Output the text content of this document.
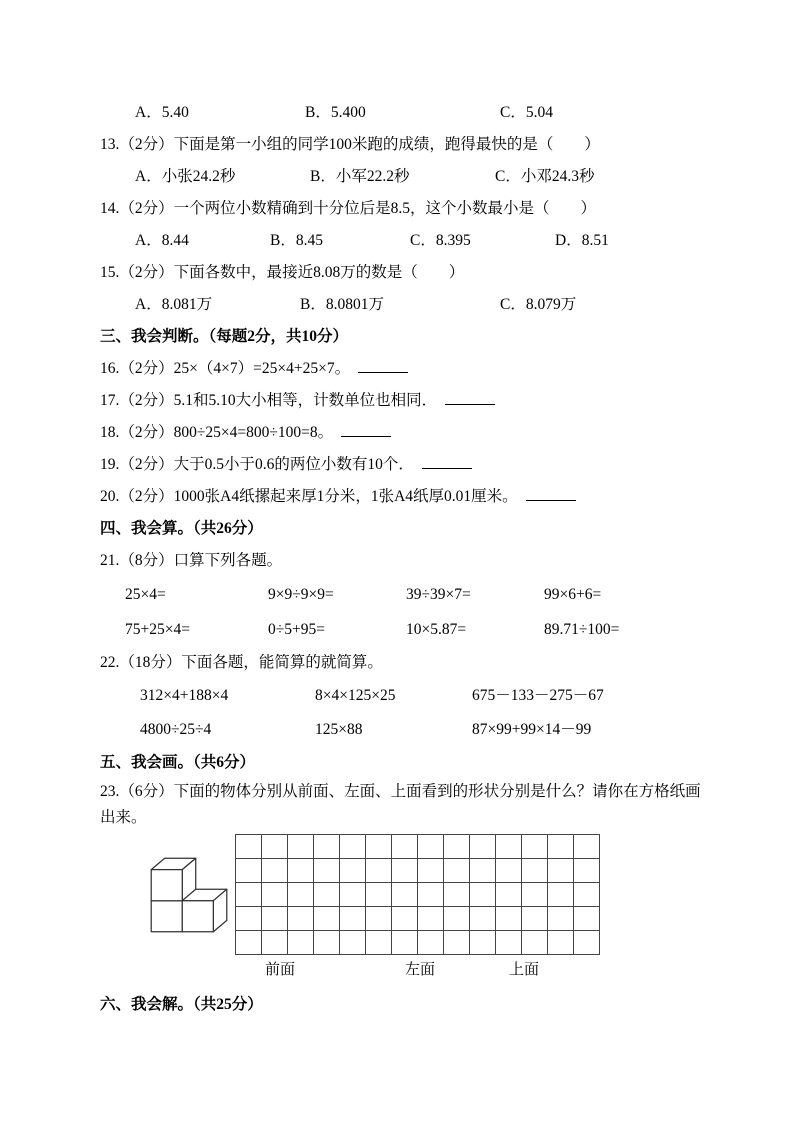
A．5.40	B．5.400	C．5.04
13.（2分）下面是第一小组的同学100米跑的成绩，跑得最快的是（　　）
A．小张24.2秒	B．小军22.2秒	C．小邓24.3秒
14.（2分）一个两位小数精确到十分位后是8.5，这个小数最小是（　　）
A．8.44	B．8.45	C．8.395	D．8.51
15.（2分）下面各数中，最接近8.08万的数是（　　）
A．8.081万	B．8.0801万	C．8.079万
三、我会判断。（每题2分，共10分）
16.（2分）25×（4×7）=25×4+25×7。
17.（2分）5.1和5.10大小相等，计数单位也相同．
18.（2分）800÷25×4=800÷100=8。
19.（2分）大于0.5小于0.6的两位小数有10个．
20.（2分）1000张A4纸摞起来厚1分米，1张A4纸厚0.01厘米。
四、我会算。（共26分）
21.（8分）口算下列各题。
25×4=	9×9÷9×9=	39÷39×7=	99×6+6=
75+25×4=	0÷5+95=	10×5.87=	89.71÷100=
22.（18分）下面各题，能简算的就简算。
312×4+188×4	8×4×125×25	675－133－275－67
4800÷25÷4	125×88	87×99+99×14－99
五、我会画。（共6分）
23.（6分）下面的物体分别从前面、左面、上面看到的形状分别是什么？请你在方格纸画出来。
前面	左面	上面
六、我会解。（共25分）
